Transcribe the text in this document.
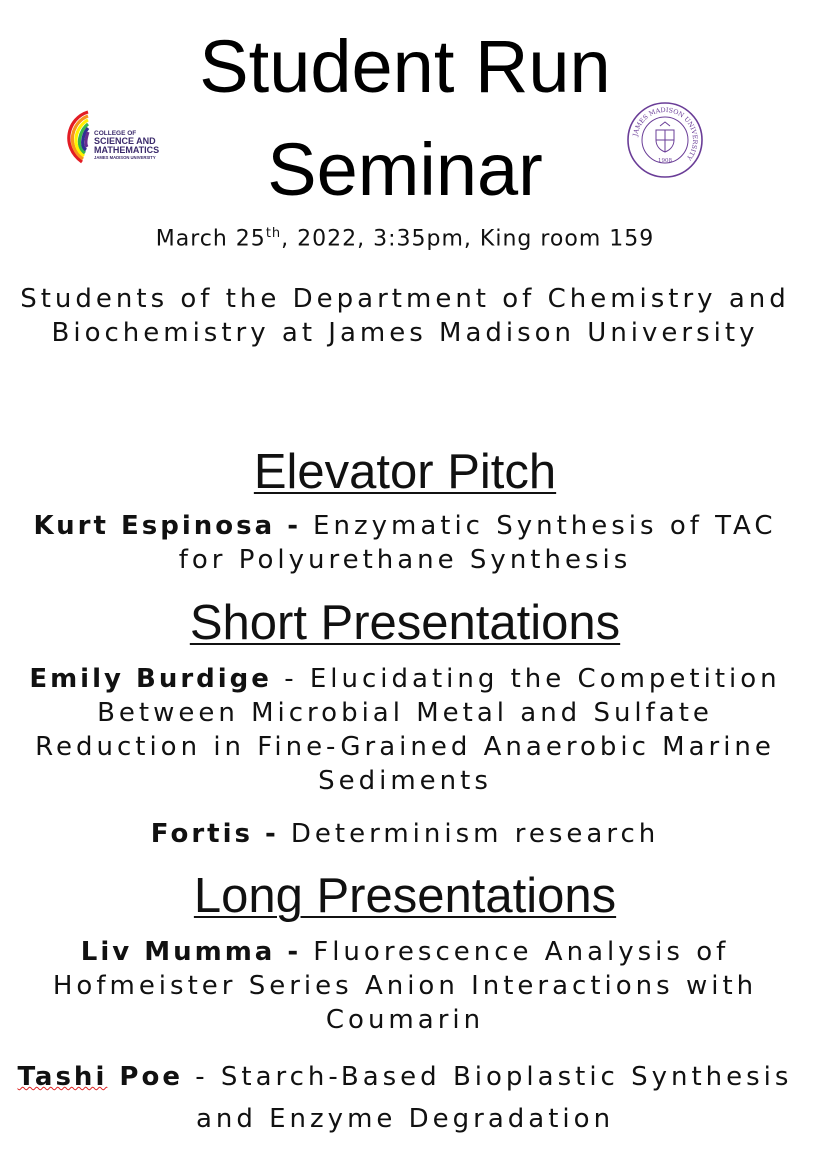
Student Run
Seminar
COLLEGE OF
SCIENCE AND
MATHEMATICS
JAMES MADISON UNIVERSITY
JAMES MADISON UNIVERSITY
1908
March 25th, 2022, 3:35pm, King room 159
Students of the Department of Chemistry and Biochemistry at James Madison University
Elevator Pitch
Kurt Espinosa - Enzymatic Synthesis of TAC for Polyurethane Synthesis
Short Presentations
Emily Burdige - Elucidating the Competition Between Microbial Metal and Sulfate Reduction in Fine-Grained Anaerobic Marine Sediments
Fortis - Determinism research
Long Presentations
Liv Mumma - Fluorescence Analysis of Hofmeister Series Anion Interactions with Coumarin
Tashi Poe - Starch-Based Bioplastic Synthesis and Enzyme Degradation
